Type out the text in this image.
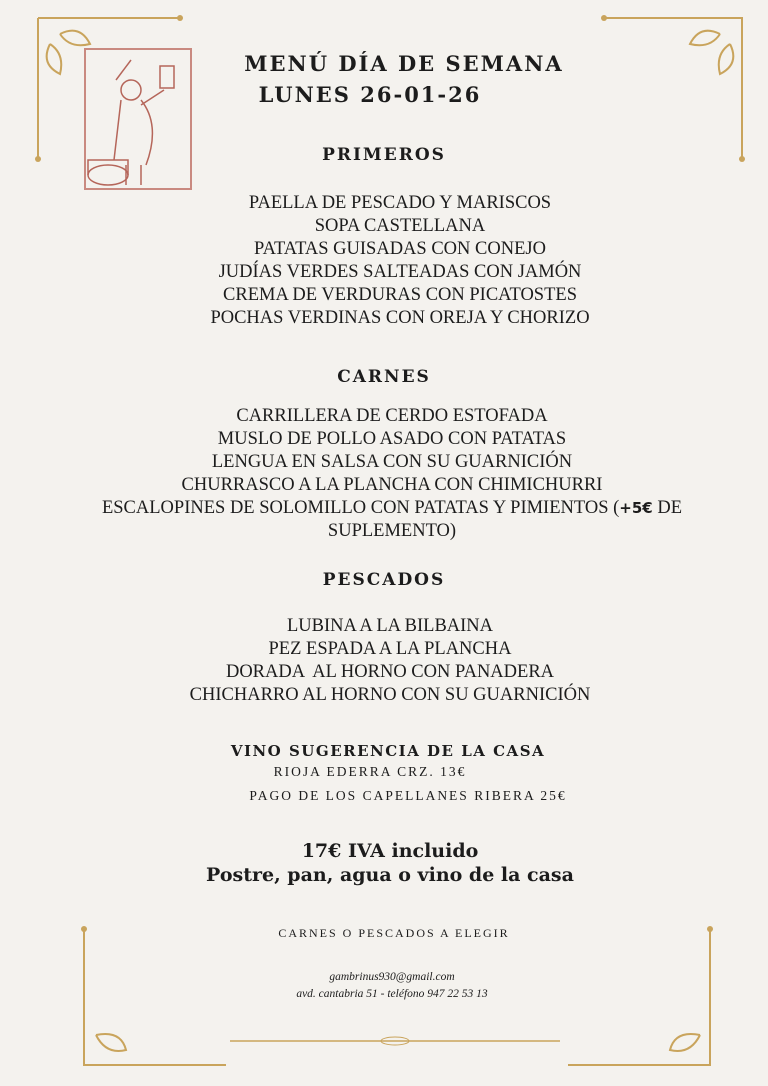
MENÚ DÍA DE SEMANA
LUNES 26-01-26
PRIMEROS
PAELLA DE PESCADO Y MARISCOS
SOPA CASTELLANA
PATATAS GUISADAS CON CONEJO
JUDÍAS VERDES SALTEADAS CON JAMÓN
CREMA DE VERDURAS CON PICATOSTES
POCHAS VERDINAS CON OREJA Y CHORIZO
CARNES
CARRILLERA DE CERDO ESTOFADA
MUSLO DE POLLO ASADO CON PATATAS
LENGUA EN SALSA CON SU GUARNICIÓN
CHURRASCO A LA PLANCHA CON CHIMICHURRI
ESCALOPINES DE SOLOMILLO CON PATATAS Y PIMIENTOS (+5€ DE
SUPLEMENTO)
PESCADOS
LUBINA A LA BILBAINA
PEZ ESPADA A LA PLANCHA
DORADA  AL HORNO CON PANADERA
CHICHARRO AL HORNO CON SU GUARNICIÓN
VINO SUGERENCIA DE LA CASA
RIOJA EDERRA CRZ. 13€
PAGO DE LOS CAPELLANES RIBERA 25€
17€ IVA incluido
Postre, pan, agua o vino de la casa
CARNES O PESCADOS A ELEGIR
gambrinus930@gmail.com
avd. cantabria 51 - teléfono 947 22 53 13
